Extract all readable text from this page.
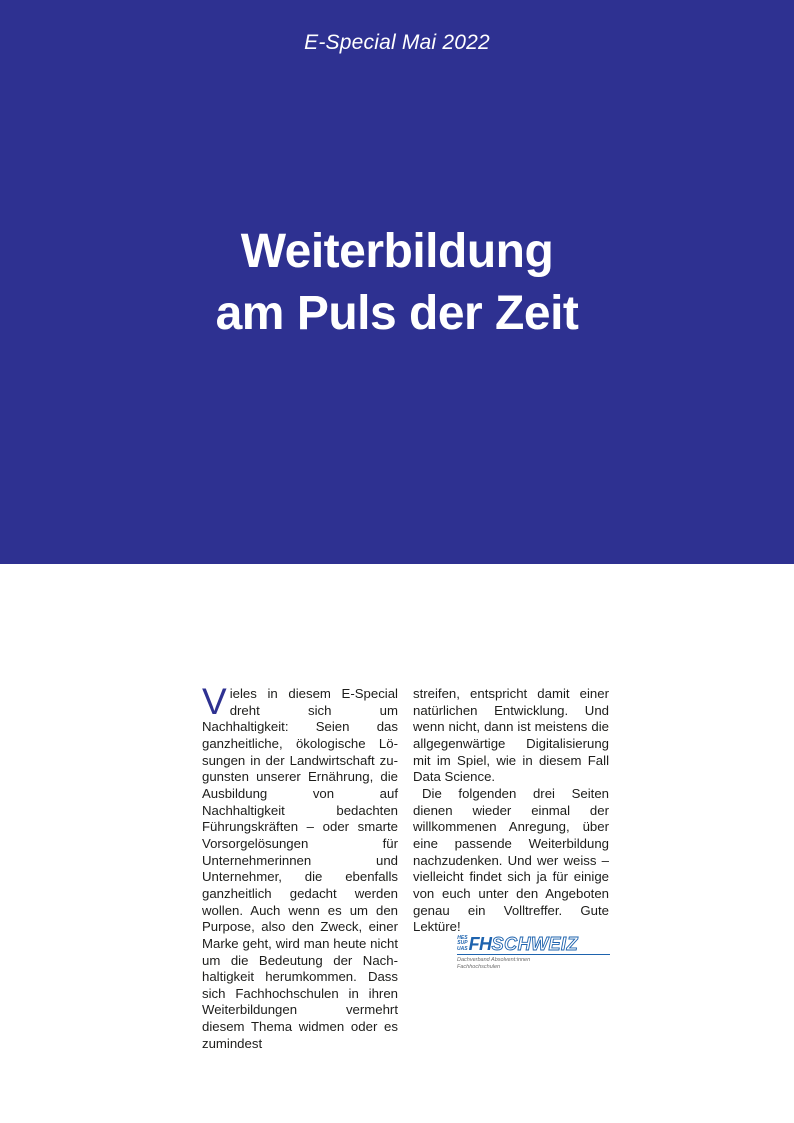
E-Special Mai 2022
Weiterbildung
am Puls der Zeit

Vieles in diesem E-Special dreht sich um Nachhaltigkeit: Seien das ganzheitliche, ökologische Lösungen in der Landwirtschaft zugunsten unserer Ernährung, die Ausbildung von auf Nachhaltigkeit bedachten Führungskräften – oder smarte Vorsorgelösungen für Unternehmerinnen und Unternehmer, die ebenfalls ganzheitlich gedacht werden wollen. Auch wenn es um den Purpose, also den Zweck, einer Marke geht, wird man heute nicht um die Bedeutung der Nachhaltigkeit herumkommen. Dass sich Fachhochschulen in ihren Weiterbildungen vermehrt diesem Thema widmen oder es zumindest

streifen, entspricht damit einer natürlichen Entwicklung. Und wenn nicht, dann ist meistens die allgegenwärtige Digitalisierung mit im Spiel, wie in diesem Fall Data Science.

Die folgenden drei Seiten dienen wieder einmal der willkommenen Anregung, über eine passende Weiterbildung nachzudenken. Und wer weiss – vielleicht findet sich ja für einige von euch unter den Angeboten genau ein Volltreffer. Gute Lektüre!

HES
SUP
UAS FH SCHWEIZ
Dachverband Absolvent:innen
Fachhochschulen
